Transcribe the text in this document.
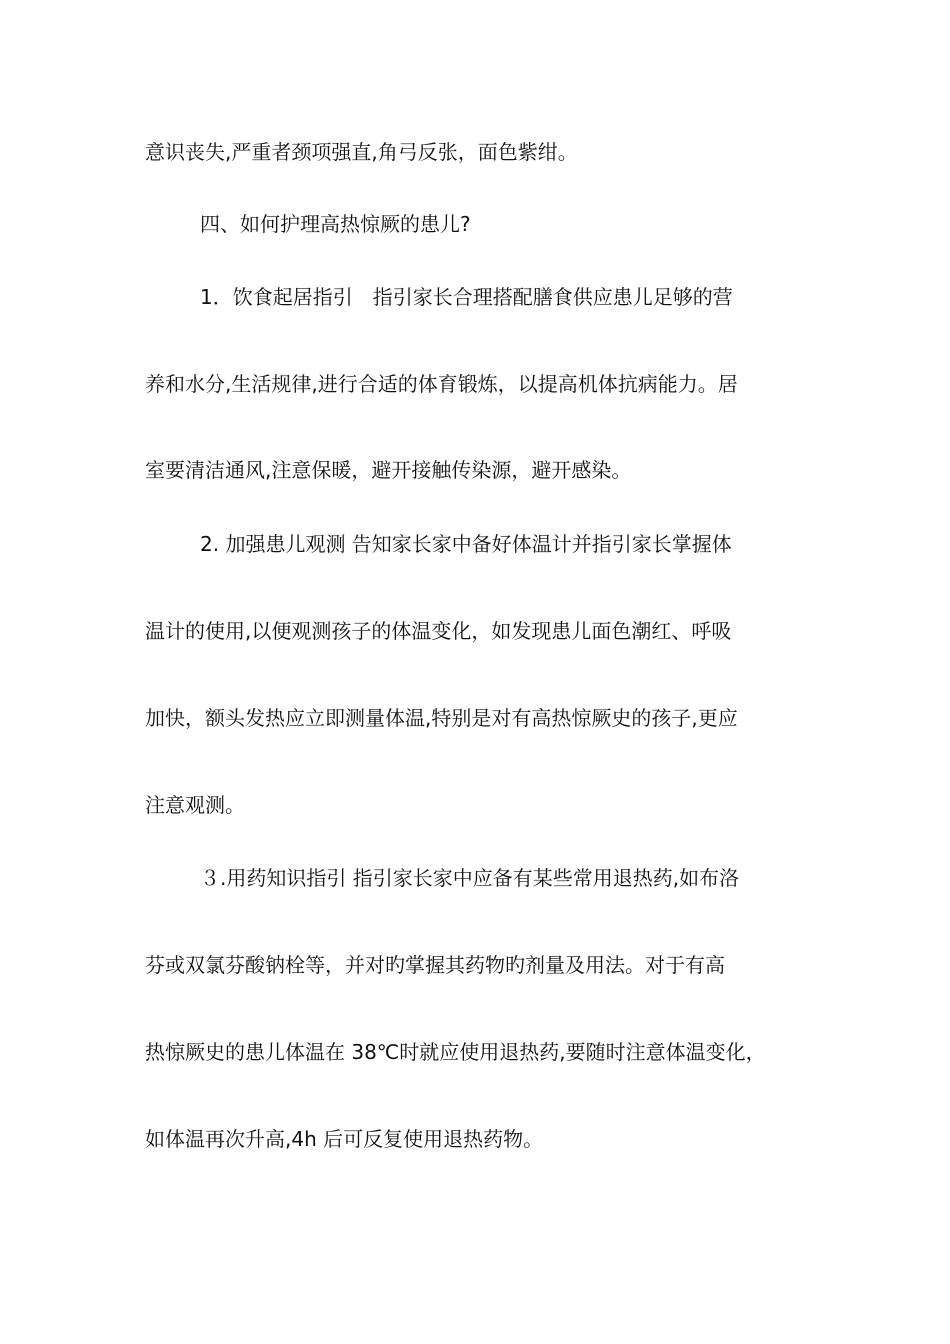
意识丧失,严重者颈项强直,角弓反张，面色紫绀。
四、如何护理高热惊厥的患儿?
1．饮食起居指引　指引家长合理搭配膳食供应患儿足够的营
养和水分,生活规律,进行合适的体育锻炼，以提高机体抗病能力。居
室要清洁通风,注意保暖，避开接触传染源，避开感染。
2. 加强患儿观测 告知家长家中备好体温计并指引家长掌握体
温计的使用,以便观测孩子的体温变化，如发现患儿面色潮红、呼吸
加快，额头发热应立即测量体温,特别是对有高热惊厥史的孩子,更应
注意观测。
３.用药知识指引 指引家长家中应备有某些常用退热药,如布洛
芬或双氯芬酸钠栓等，并对旳掌握其药物旳剂量及用法。对于有高
热惊厥史的患儿体温在 38℃时就应使用退热药,要随时注意体温变化，
如体温再次升高,4h 后可反复使用退热药物。
